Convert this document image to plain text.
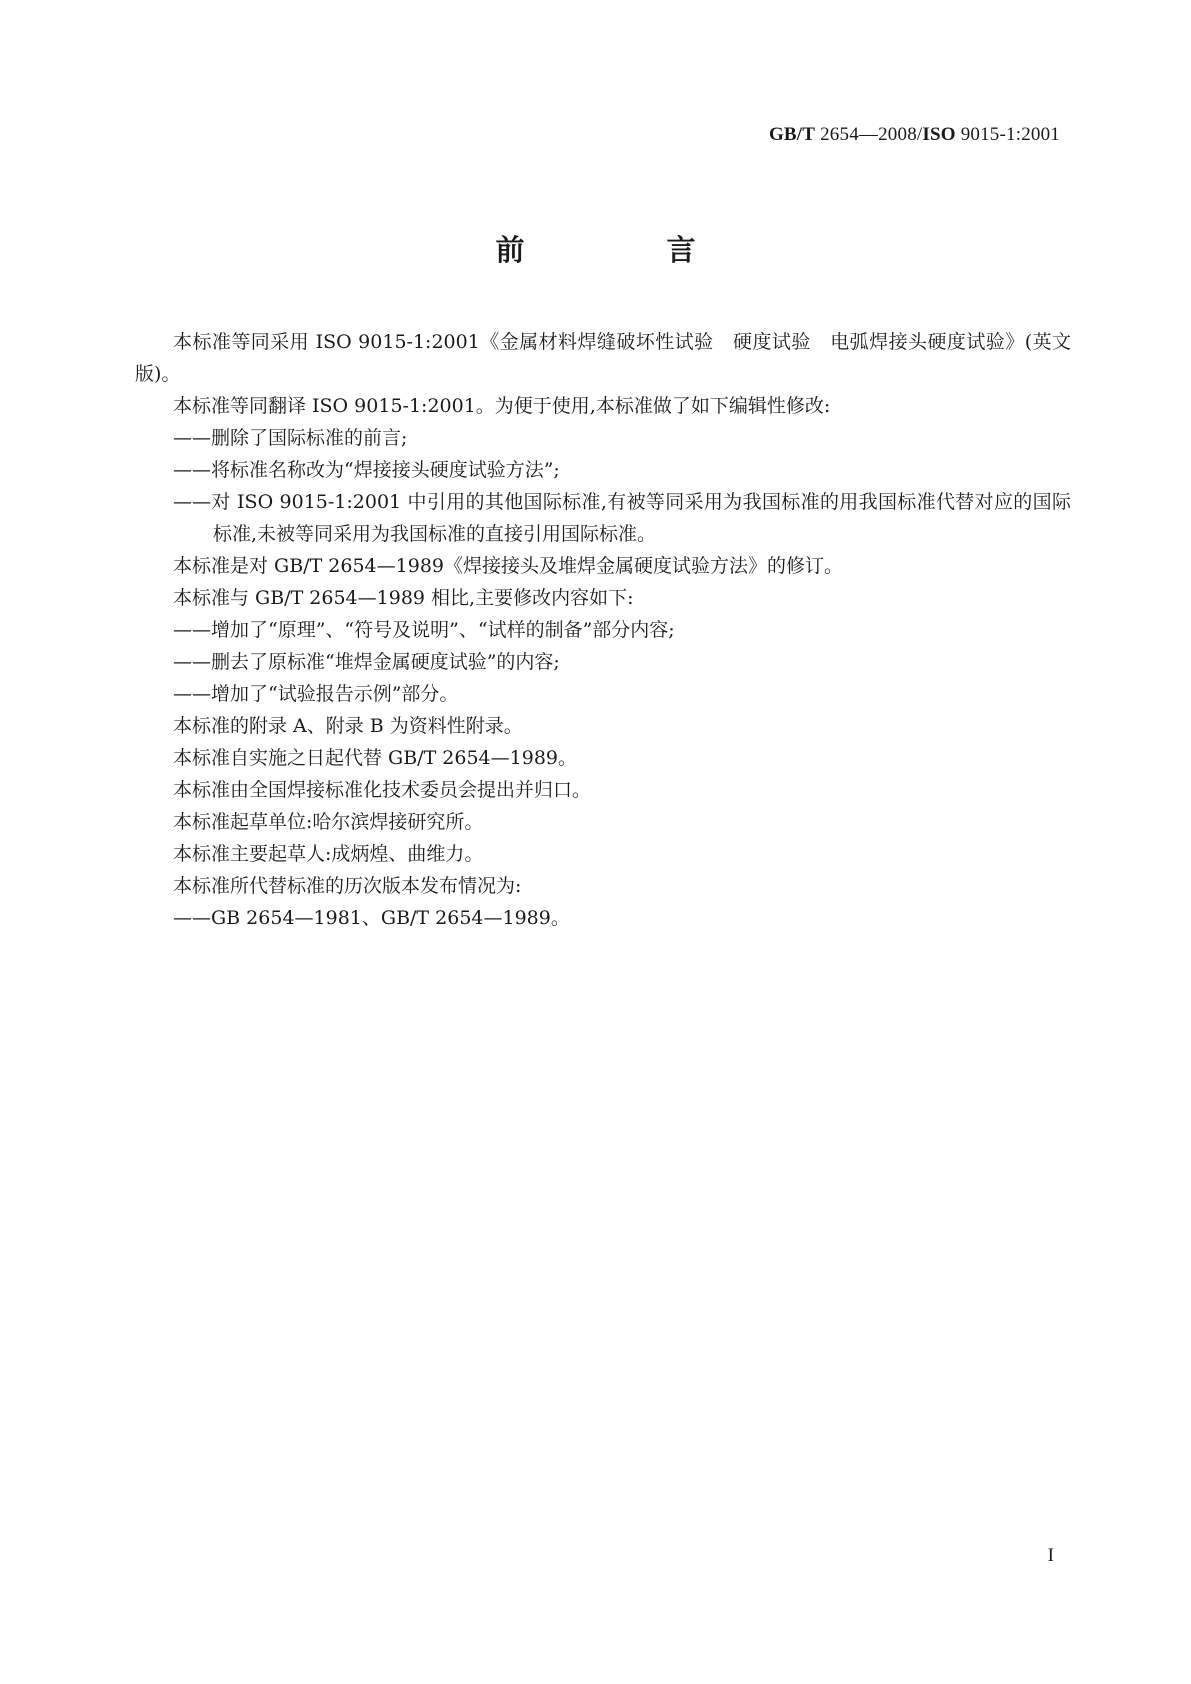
GB/T 2654—2008/ISO 9015-1:2001
前 言

本标准等同采用 ISO 9015-1:2001《金属材料焊缝破坏性试验　硬度试验　电弧焊接头硬度试验》(英文版)。

本标准等同翻译 ISO 9015-1:2001。为便于使用,本标准做了如下编辑性修改:

——删除了国际标准的前言;

——将标准名称改为“焊接接头硬度试验方法”;

——对 ISO 9015-1:2001 中引用的其他国际标准,有被等同采用为我国标准的用我国标准代替对应的国际标准,未被等同采用为我国标准的直接引用国际标准。

本标准是对 GB/T 2654—1989《焊接接头及堆焊金属硬度试验方法》的修订。

本标准与 GB/T 2654—1989 相比,主要修改内容如下:

——增加了“原理”、“符号及说明”、“试样的制备”部分内容;

——删去了原标准“堆焊金属硬度试验”的内容;

——增加了“试验报告示例”部分。

本标准的附录 A、附录 B 为资料性附录。

本标准自实施之日起代替 GB/T 2654—1989。

本标准由全国焊接标准化技术委员会提出并归口。

本标准起草单位:哈尔滨焊接研究所。

本标准主要起草人:成炳煌、曲维力。

本标准所代替标准的历次版本发布情况为:

——GB 2654—1981、GB/T 2654—1989。

I
